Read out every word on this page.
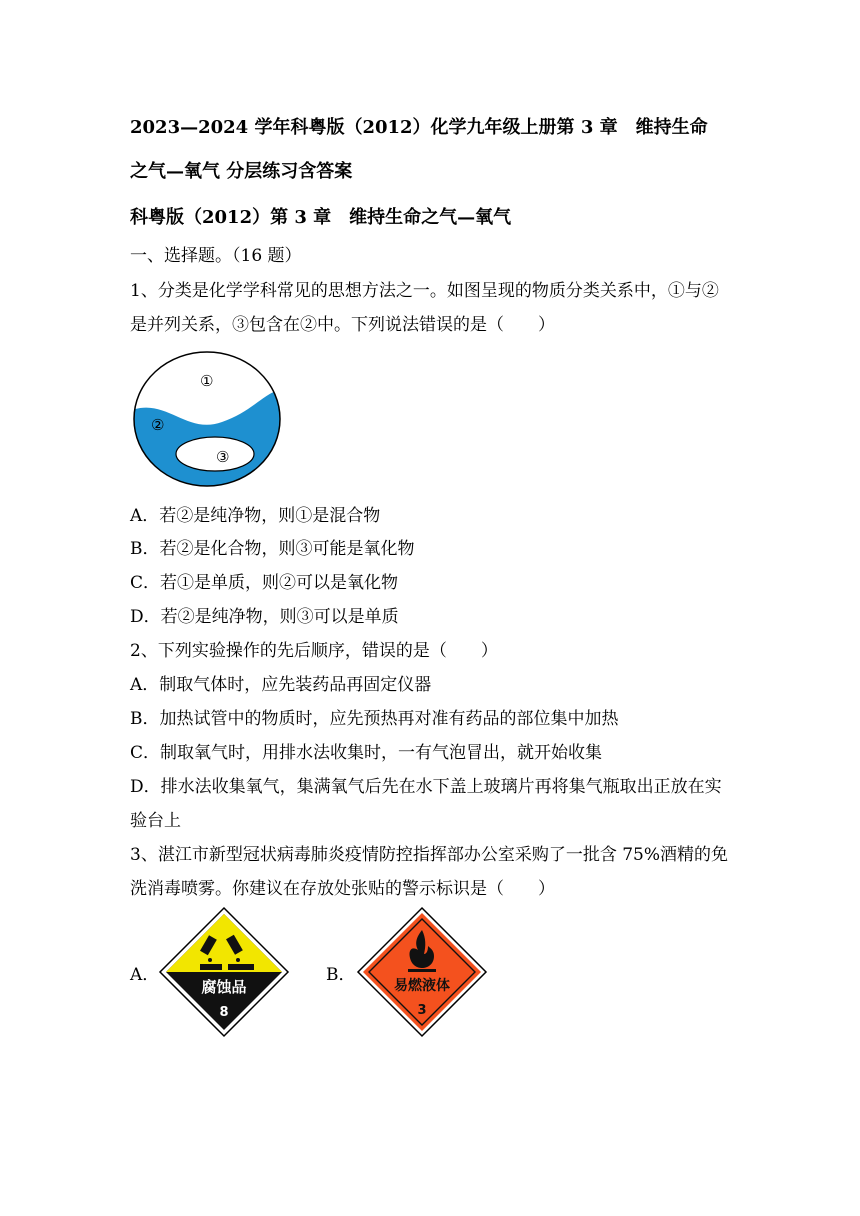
2023—2024 学年科粤版（2012）化学九年级上册第 3 章　维持生命
之气—氧气 分层练习含答案
科粤版（2012）第 3 章　维持生命之气—氧气
一、选择题。（16 题）
1、分类是化学学科常见的思想方法之一。如图呈现的物质分类关系中，①与②
是并列关系，③包含在②中。下列说法错误的是（　　）
①
②
③
A．若②是纯净物，则①是混合物
B．若②是化合物，则③可能是氧化物
C．若①是单质，则②可以是氧化物
D．若②是纯净物，则③可以是单质
2、下列实验操作的先后顺序，错误的是（　　）
A．制取气体时，应先装药品再固定仪器
B．加热试管中的物质时，应先预热再对准有药品的部位集中加热
C．制取氧气时，用排水法收集时，一有气泡冒出，就开始收集
D．排水法收集氧气，集满氧气后先在水下盖上玻璃片再将集气瓶取出正放在实
验台上
3、湛江市新型冠状病毒肺炎疫情防控指挥部办公室采购了一批含 75%酒精的免
洗消毒喷雾。你建议在存放处张贴的警示标识是（　　）
A．
腐蚀品
8
B．
易燃液体
3
